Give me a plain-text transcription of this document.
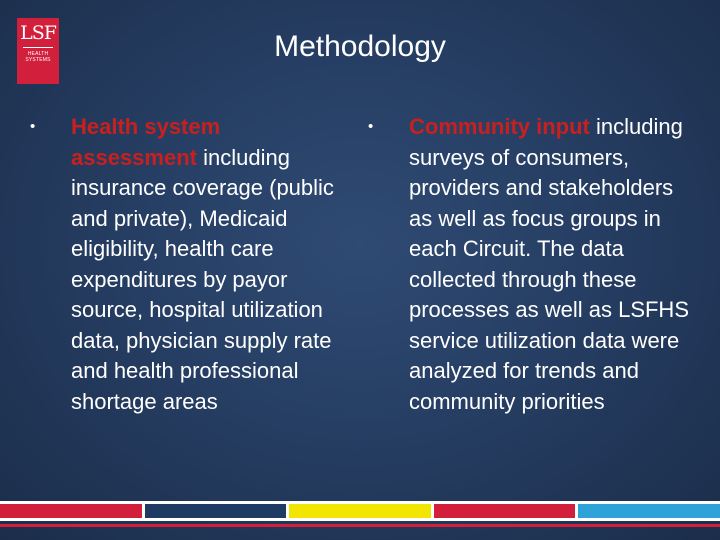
LSF
HEALTH
SYSTEMS	Methodology
• Health system assessment including insurance coverage (public and private), Medicaid eligibility, health care expenditures by payor source, hospital utilization data, physician supply rate and health professional shortage areas
• Community input including surveys of consumers, providers and stakeholders as well as focus groups in each Circuit. The data collected through these processes as well as LSFHS service utilization data were analyzed for trends and community priorities
